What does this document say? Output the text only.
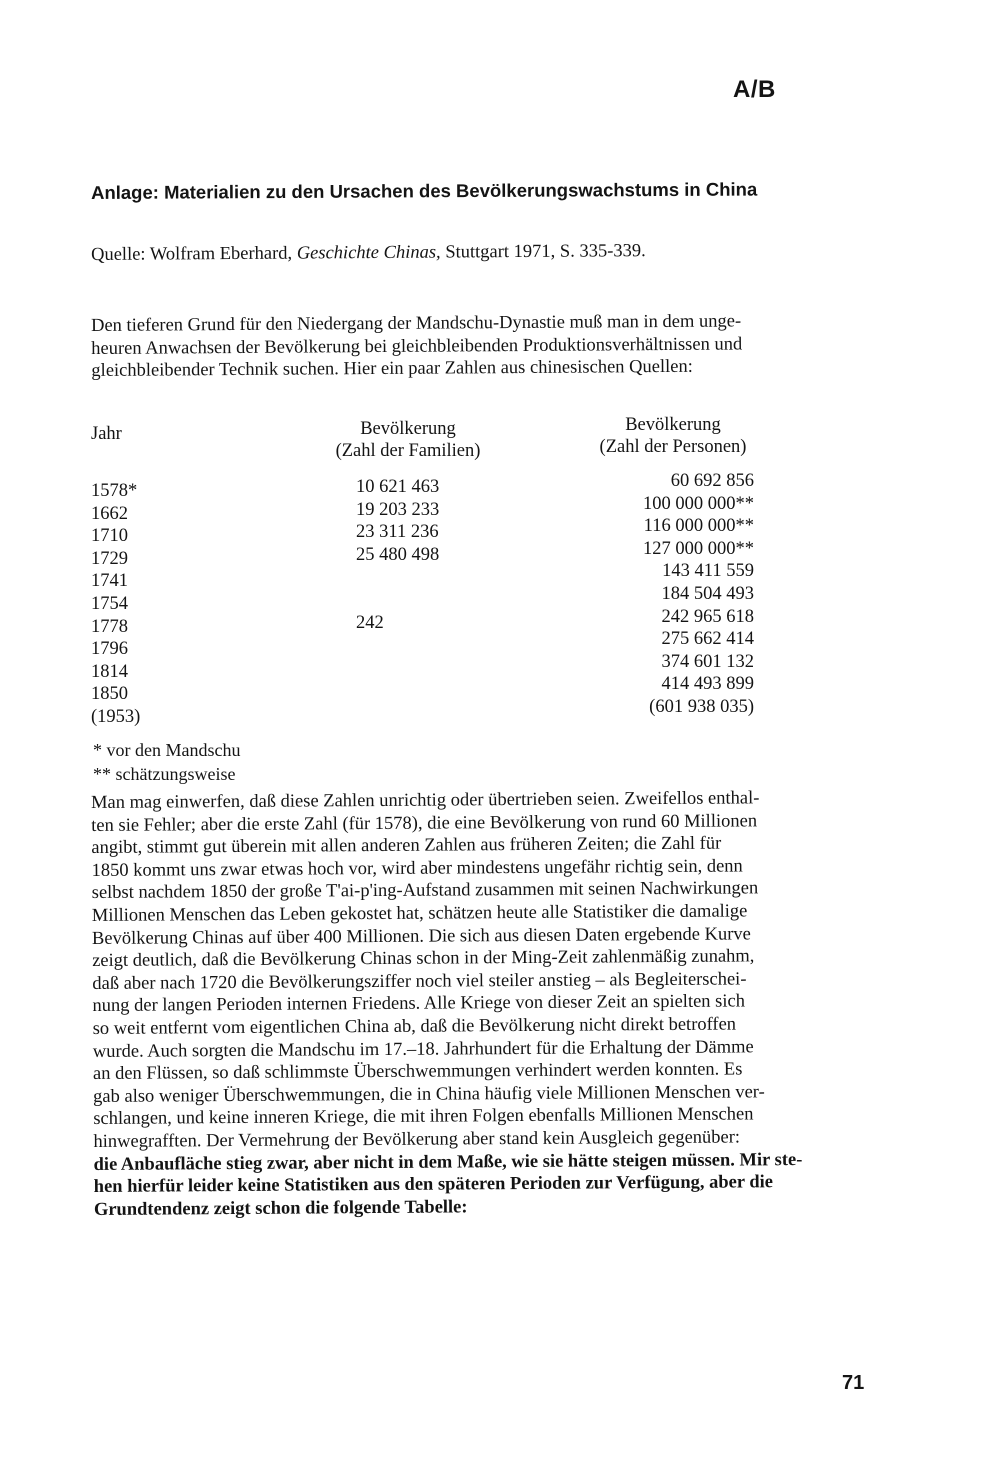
A/B
Anlage: Materialien zu den Ursachen des Bevölkerungswachstums in China
Quelle: Wolfram Eberhard, Geschichte Chinas, Stuttgart 1971, S. 335-339.
Den tieferen Grund für den Niedergang der Mandschu-Dynastie muß man in dem unge-
heuren Anwachsen der Bevölkerung bei gleichbleibenden Produktionsverhältnissen und
gleichbleibender Technik suchen. Hier ein paar Zahlen aus chinesischen Quellen:
Jahr	Bevölkerung
(Zahl der Familien)
Bevölkerung
(Zahl der Personen)
1578*
1662
1710
1729
1741
1754
1778
1796
1814
1850
(1953)
10 621 463
19 203 233
23 311 236
25 480 498
242
60 692 856
100 000 000**
116 000 000**
127 000 000**
143 411 559
184 504 493
242 965 618
275 662 414
374 601 132
414 493 899
(601 938 035)
* vor den Mandschu
** schätzungsweise
Man mag einwerfen, daß diese Zahlen unrichtig oder übertrieben seien. Zweifellos enthal-
ten sie Fehler; aber die erste Zahl (für 1578), die eine Bevölkerung von rund 60 Millionen
angibt, stimmt gut überein mit allen anderen Zahlen aus früheren Zeiten; die Zahl für
1850 kommt uns zwar etwas hoch vor, wird aber mindestens ungefähr richtig sein, denn
selbst nachdem 1850 der große T'ai-p'ing-Aufstand zusammen mit seinen Nachwirkungen
Millionen Menschen das Leben gekostet hat, schätzen heute alle Statistiker die damalige
Bevölkerung Chinas auf über 400 Millionen. Die sich aus diesen Daten ergebende Kurve
zeigt deutlich, daß die Bevölkerung Chinas schon in der Ming-Zeit zahlenmäßig zunahm,
daß aber nach 1720 die Bevölkerungsziffer noch viel steiler anstieg – als Begleiterschei-
nung der langen Perioden internen Friedens. Alle Kriege von dieser Zeit an spielten sich
so weit entfernt vom eigentlichen China ab, daß die Bevölkerung nicht direkt betroffen
wurde. Auch sorgten die Mandschu im 17.–18. Jahrhundert für die Erhaltung der Dämme
an den Flüssen, so daß schlimmste Überschwemmungen verhindert werden konnten. Es
gab also weniger Überschwemmungen, die in China häufig viele Millionen Menschen ver-
schlangen, und keine inneren Kriege, die mit ihren Folgen ebenfalls Millionen Menschen
hinwegrafften. Der Vermehrung der Bevölkerung aber stand kein Ausgleich gegenüber:
die Anbaufläche stieg zwar, aber nicht in dem Maße, wie sie hätte steigen müssen. Mir ste-
hen hierfür leider keine Statistiken aus den späteren Perioden zur Verfügung, aber die
Grundtendenz zeigt schon die folgende Tabelle:
71
